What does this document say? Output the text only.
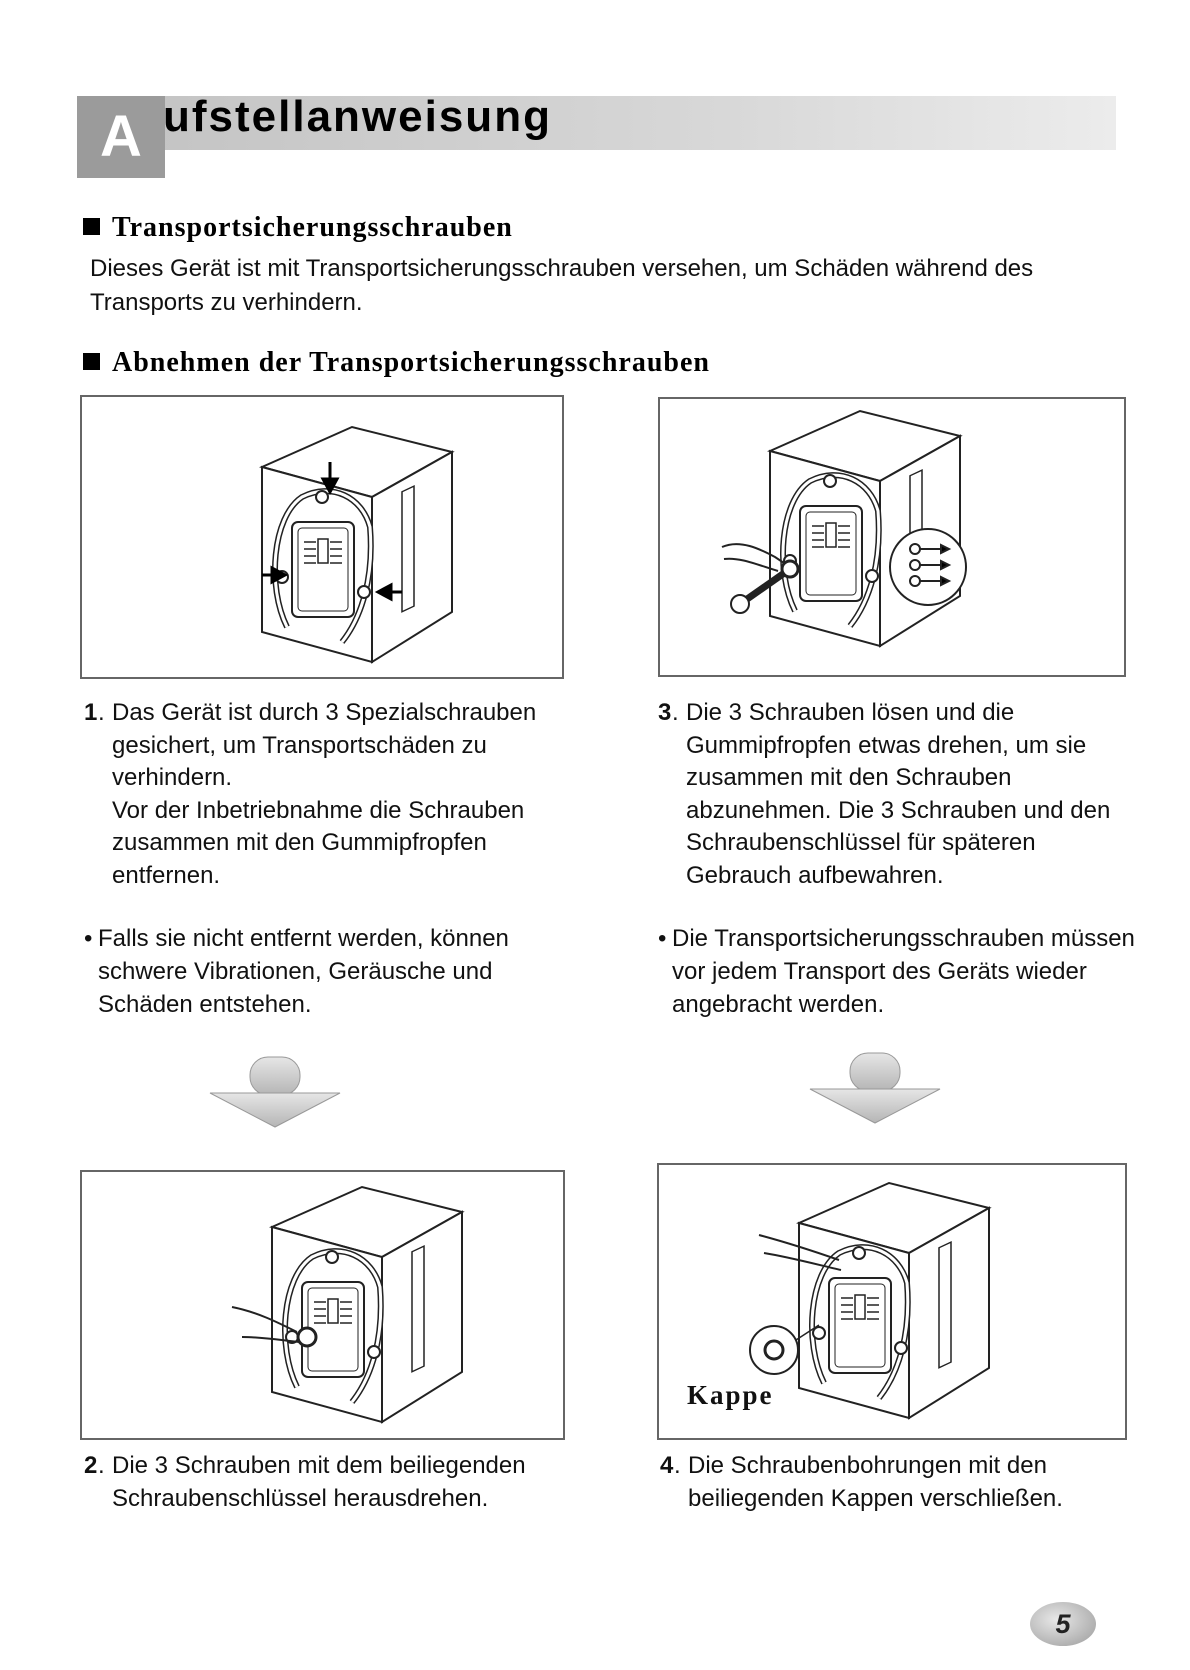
A ufstellanweisung
Transportsicherungsschrauben
Dieses Gerät ist mit Transportsicherungsschrauben versehen, um Schäden während des
Transports zu verhindern.
Abnehmen der Transportsicherungsschrauben
1 . Das Gerät ist durch 3 Spezialschrauben
gesichert, um Transportschäden zu
verhindern.
Vor der Inbetriebnahme die Schrauben
zusammen mit den Gummipfropfen
entfernen.
• Falls sie nicht entfernt werden, können
schwere Vibrationen, Geräusche und
Schäden entstehen.
3 . Die 3 Schrauben lösen und die
Gummipfropfen etwas drehen, um sie
zusammen mit den Schrauben
abzunehmen. Die 3 Schrauben und den
Schraubenschlüssel für späteren
Gebrauch aufbewahren.
• Die Transportsicherungsschrauben müssen
vor jedem Transport des Geräts wieder
angebracht werden.
Kappe
2 . Die 3 Schrauben mit dem beiliegenden
Schraubenschlüssel herausdrehen.
4 . Die Schraubenbohrungen mit den
beiliegenden Kappen verschließen.
5
